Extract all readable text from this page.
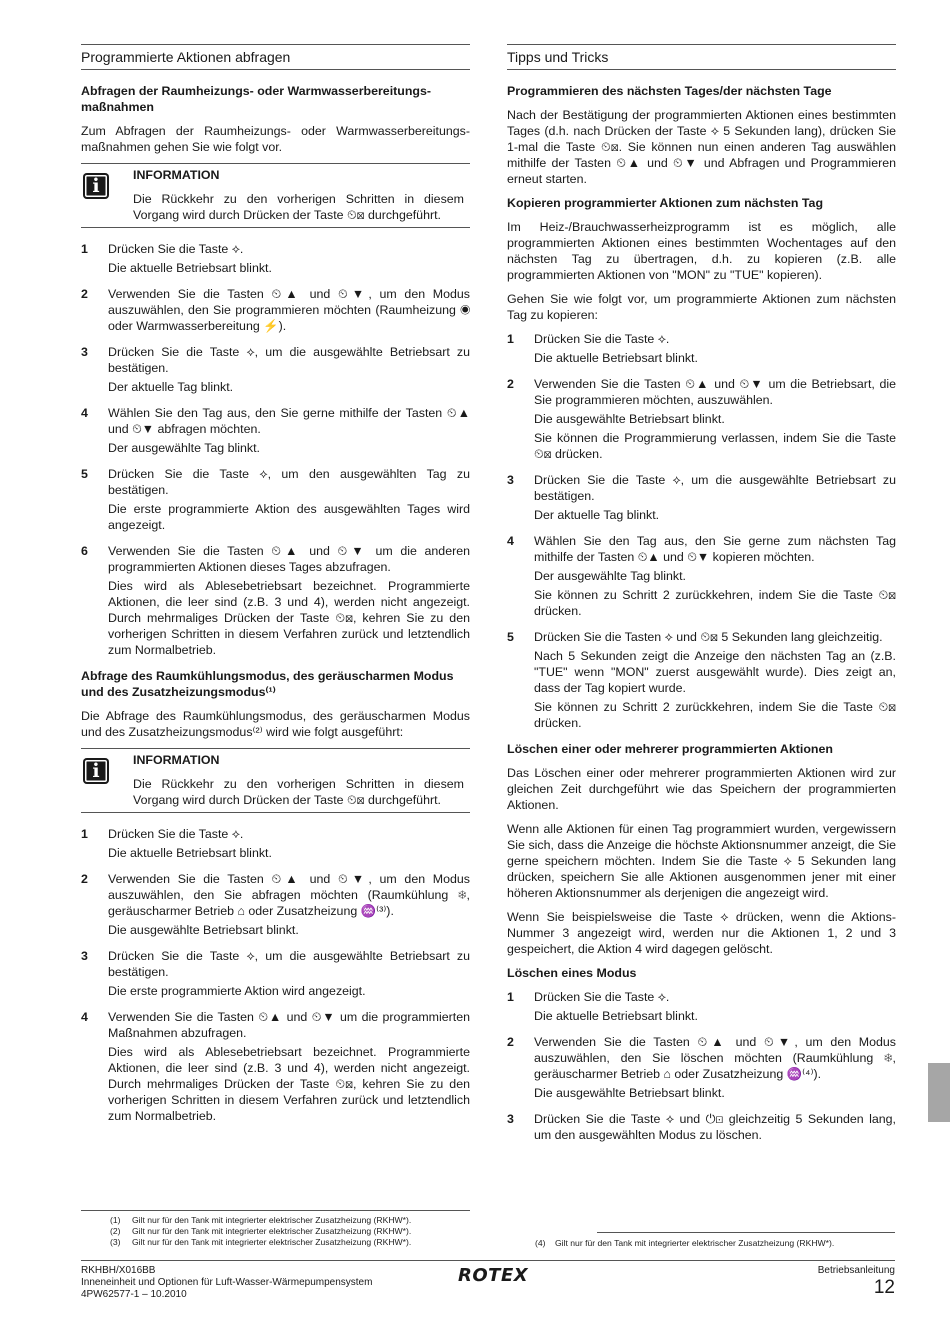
Programmierte Aktionen abfragen
Abfragen der Raumheizungs- oder Warmwasserbereitungs-maßnahmen

Zum Abfragen der Raumheizungs- oder Warmwasserbereitungs-maßnahmen gehen Sie wie folgt vor.

i	INFORMATION

Die Rückkehr zu den vorherigen Schritten in diesem Vorgang wird durch Drücken der Taste ⏲⊠ durchgeführt.

1 Drücken Sie die Taste ⟡.

Die aktuelle Betriebsart blinkt.

2 Verwenden Sie die Tasten ⏲▲ und ⏲▼, um den Modus auszuwählen, den Sie programmieren möchten (Raumheizung ◉ oder Warmwasserbereitung ⚡).

3 Drücken Sie die Taste ⟡, um die ausgewählte Betriebsart zu bestätigen.

Der aktuelle Tag blinkt.

4 Wählen Sie den Tag aus, den Sie gerne mithilfe der Tasten ⏲▲ und ⏲▼ abfragen möchten.

Der ausgewählte Tag blinkt.

5 Drücken Sie die Taste ⟡, um den ausgewählten Tag zu bestätigen.

Die erste programmierte Aktion des ausgewählten Tages wird angezeigt.

6 Verwenden Sie die Tasten ⏲▲ und ⏲▼ um die anderen programmierten Aktionen dieses Tages abzufragen.

Dies wird als Ablesebetriebsart bezeichnet. Programmierte Aktionen, die leer sind (z.B. 3 und 4), werden nicht angezeigt. Durch mehrmaliges Drücken der Taste ⏲⊠, kehren Sie zu den vorherigen Schritten in diesem Verfahren zurück und letztendlich zum Normalbetrieb.

Abfrage des Raumkühlungsmodus, des geräuscharmen Modus und des Zusatzheizungsmodus⁽¹⁾

Die Abfrage des Raumkühlungsmodus, des geräuscharmen Modus und des Zusatzheizungsmodus⁽²⁾ wird wie folgt ausgeführt:

i	INFORMATION

Die Rückkehr zu den vorherigen Schritten in diesem Vorgang wird durch Drücken der Taste ⏲⊠ durchgeführt.

1 Drücken Sie die Taste ⟡.

Die aktuelle Betriebsart blinkt.

2 Verwenden Sie die Tasten ⏲▲ und ⏲▼, um den Modus auszuwählen, den Sie abfragen möchten (Raumkühlung ❄, geräuscharmer Betrieb ⌂ oder Zusatzheizung ♒⁽³⁾).

Die ausgewählte Betriebsart blinkt.

3 Drücken Sie die Taste ⟡, um die ausgewählte Betriebsart zu bestätigen.

Die erste programmierte Aktion wird angezeigt.

4 Verwenden Sie die Tasten ⏲▲ und ⏲▼ um die programmierten Maßnahmen abzufragen.

Dies wird als Ablesebetriebsart bezeichnet. Programmierte Aktionen, die leer sind (z.B. 3 und 4), werden nicht angezeigt. Durch mehrmaliges Drücken der Taste ⏲⊠, kehren Sie zu den vorherigen Schritten in diesem Verfahren zurück und letztendlich zum Normalbetrieb.

Tipps und Tricks
Programmieren des nächsten Tages/der nächsten Tage

Nach der Bestätigung der programmierten Aktionen eines bestimmten Tages (d.h. nach Drücken der Taste ⟡ 5 Sekunden lang), drücken Sie 1-mal die Taste ⏲⊠. Sie können nun einen anderen Tag auswählen mithilfe der Tasten ⏲▲ und ⏲▼ und Abfragen und Programmieren erneut starten.

Kopieren programmierter Aktionen zum nächsten Tag

Im Heiz-/Brauchwasserheizprogramm ist es möglich, alle programmierten Aktionen eines bestimmten Wochentages auf den nächsten Tag zu übertragen, d.h. zu kopieren (z.B. alle programmierten Aktionen von "MON" zu "TUE" kopieren).

Gehen Sie wie folgt vor, um programmierte Aktionen zum nächsten Tag zu kopieren:

1 Drücken Sie die Taste ⟡.

Die aktuelle Betriebsart blinkt.

2 Verwenden Sie die Tasten ⏲▲ und ⏲▼ um die Betriebsart, die Sie programmieren möchten, auszuwählen.

Die ausgewählte Betriebsart blinkt.

Sie können die Programmierung verlassen, indem Sie die Taste ⏲⊠ drücken.

3 Drücken Sie die Taste ⟡, um die ausgewählte Betriebsart zu bestätigen.

Der aktuelle Tag blinkt.

4 Wählen Sie den Tag aus, den Sie gerne zum nächsten Tag mithilfe der Tasten ⏲▲ und ⏲▼ kopieren möchten.

Der ausgewählte Tag blinkt.

Sie können zu Schritt 2 zurückkehren, indem Sie die Taste ⏲⊠ drücken.

5 Drücken Sie die Tasten ⟡ und ⏲⊠ 5 Sekunden lang gleichzeitig.

Nach 5 Sekunden zeigt die Anzeige den nächsten Tag an (z.B. "TUE" wenn "MON" zuerst ausgewählt wurde). Dies zeigt an, dass der Tag kopiert wurde.

Sie können zu Schritt 2 zurückkehren, indem Sie die Taste ⏲⊠ drücken.

Löschen einer oder mehrerer programmierten Aktionen

Das Löschen einer oder mehrerer programmierten Aktionen wird zur gleichen Zeit durchgeführt wie das Speichern der programmierten Aktionen.

Wenn alle Aktionen für einen Tag programmiert wurden, vergewissern Sie sich, dass die Anzeige die höchste Aktionsnummer anzeigt, die Sie gerne speichern möchten. Indem Sie die Taste ⟡ 5 Sekunden lang drücken, speichern Sie alle Aktionen ausgenommen jener mit einer höheren Aktionsnummer als derjenigen die angezeigt wird.

Wenn Sie beispielsweise die Taste ⟡ drücken, wenn die Aktions-Nummer 3 angezeigt wird, werden nur die Aktionen 1, 2 und 3 gespeichert, die Aktion 4 wird dagegen gelöscht.

Löschen eines Modus
1 Drücken Sie die Taste ⟡.

Die aktuelle Betriebsart blinkt.

2 Verwenden Sie die Tasten ⏲▲ und ⏲▼, um den Modus auszuwählen, den Sie löschen möchten (Raumkühlung ❄, geräuscharmer Betrieb ⌂ oder Zusatzheizung ♒⁽⁴⁾).

Die ausgewählte Betriebsart blinkt.

3 Drücken Sie die Taste ⟡ und ⏻⊡ gleichzeitig 5 Sekunden lang, um den ausgewählten Modus zu löschen.

(1)	Gilt nur für den Tank mit integrierter elektrischer Zusatzheizung (RKHW*).
(2)	Gilt nur für den Tank mit integrierter elektrischer Zusatzheizung (RKHW*).
(3)	Gilt nur für den Tank mit integrierter elektrischer Zusatzheizung (RKHW*).	(4)	Gilt nur für den Tank mit integrierter elektrischer Zusatzheizung (RKHW*).
RKHBH/X016BB
Inneneinheit und Optionen für Luft-Wasser-Wärmepumpensystem
4PW62577-1 – 10.2010
ROTEX	Betriebsanleitung
12
